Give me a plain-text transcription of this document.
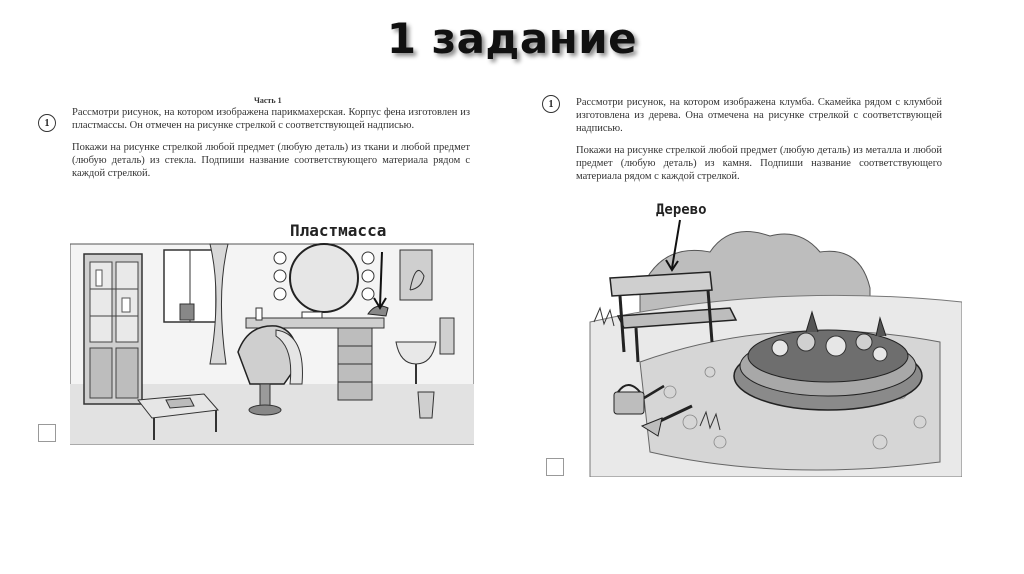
1 задание
Часть 1
1

Рассмотри рисунок, на котором изображена парикмахерская. Корпус фена изготовлен из пластмассы. Он отмечен на рисунке стрелкой с соответствующей надписью.

Покажи на рисунке стрелкой любой предмет (любую деталь) из ткани и любой предмет (любую деталь) из стекла. Подпиши название соответствующего материала рядом с каждой стрелкой.

Пластмасса
1	Рассмотри рисунок, на котором изображена клумба. Скамейка рядом с клумбой изготовлена из дерева. Она отмечена на рисунке стрелкой с соответствующей надписью.

Покажи на рисунке стрелкой любой предмет (любую деталь) из металла и любой предмет (любую деталь) из камня. Подпиши название соответствующего материала рядом с каждой стрелкой.

Дерево
